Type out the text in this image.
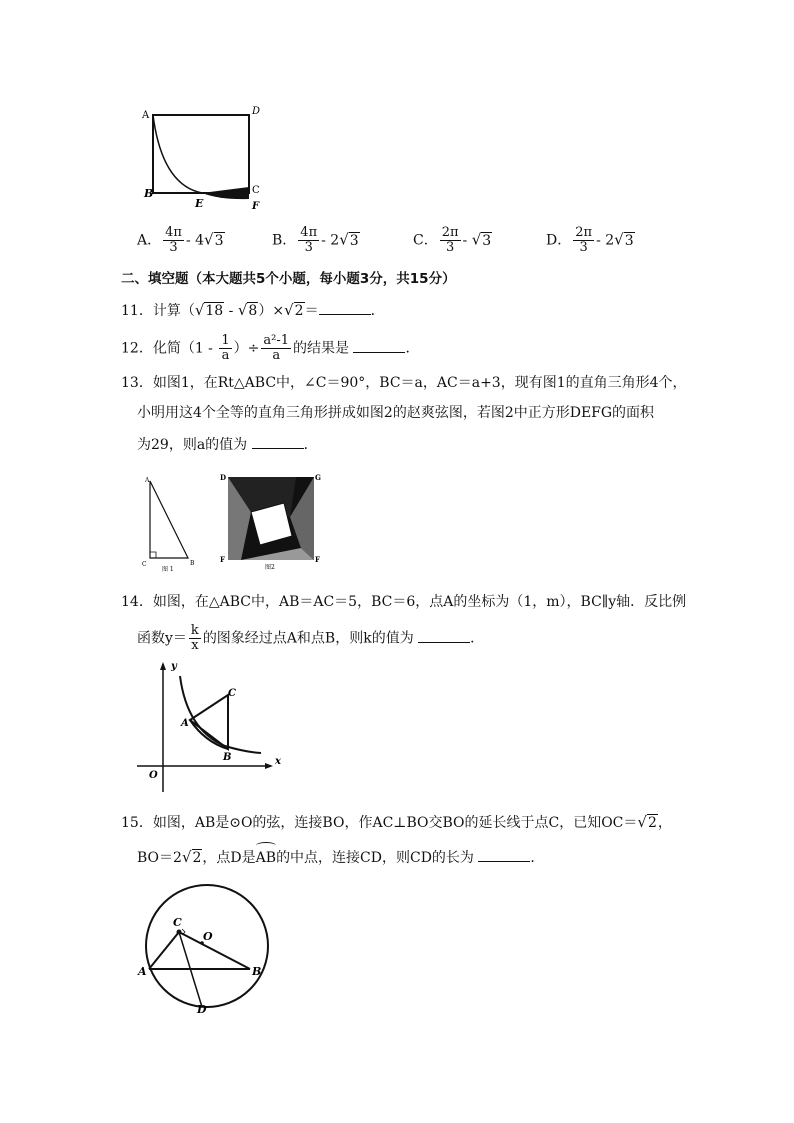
A	D
B
E
C
F
A． $\frac{4\pi}{3} - 4√3$	B． $\frac{4\pi}{3} - 2√3$	C． $\frac{2\pi}{3} - √3$	D． $\frac{2\pi}{3} - 2√3$
二、填空题（本大题共5个小题，每小题3分，共15分）
11．计算（√18 - √8）×√2＝	．
12．化简（$1 - \frac{1}{a}$ ）÷ $\frac{\text{a²-1}}{a}$ 的结果是	．
13．如图1，在Rt△ABC中，∠C＝90°，BC＝a，AC＝a+3，现有图1的直角三角形4个，
小明用这4个全等的直角三角形拼成如图2的赵爽弦图，若图2中正方形DEFG的面积
为29，则a的值为	．
A
C	B
图 1
D	G
F	F
图2
14．如图，在△ABC中，AB＝AC＝5，BC＝6，点A的坐标为（1，m），BC∥y轴．反比例
函数$y= \frac{k}{x}$ 的图象经过点A和点B，则k的值为	．
y
x
O
A
B
C
15．如图，AB是⊙O的弦，连接BO，作AC⊥BO交BO的延长线于点C，已知OC＝√2，
BO＝2√2，点D是
AB的中点，连接CD，则CD的长为	．
C
O
A	B
D
